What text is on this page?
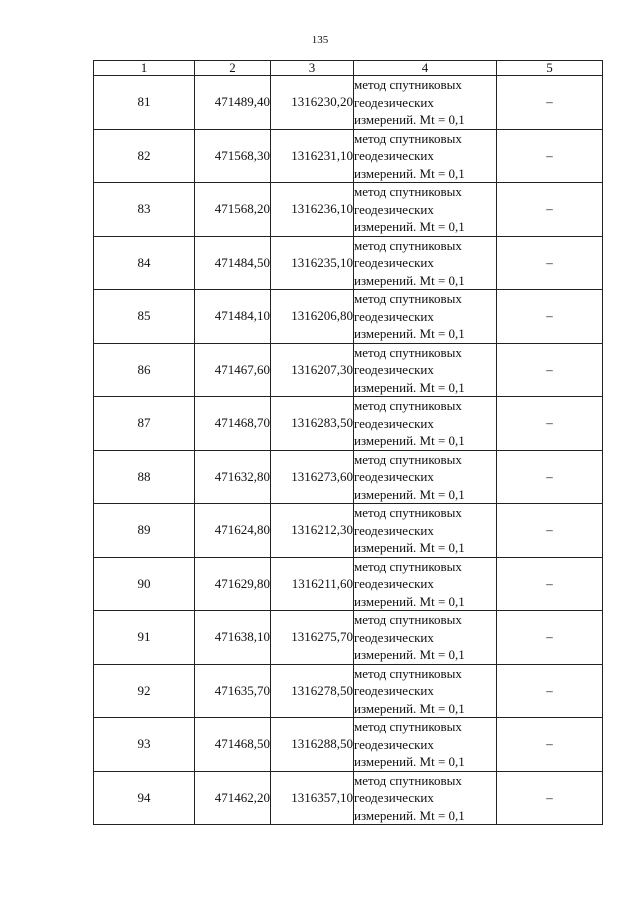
135
1	2	3	4	5
81	471489,40	1316230,20	метод спутниковых
геодезических
измерений. Mt = 0,1	–
82	471568,30	1316231,10	метод спутниковых
геодезических
измерений. Mt = 0,1	–
83	471568,20	1316236,10	метод спутниковых
геодезических
измерений. Mt = 0,1	–
84	471484,50	1316235,10	метод спутниковых
геодезических
измерений. Mt = 0,1	–
85	471484,10	1316206,80	метод спутниковых
геодезических
измерений. Mt = 0,1	–
86	471467,60	1316207,30	метод спутниковых
геодезических
измерений. Mt = 0,1	–
87	471468,70	1316283,50	метод спутниковых
геодезических
измерений. Mt = 0,1	–
88	471632,80	1316273,60	метод спутниковых
геодезических
измерений. Mt = 0,1	–
89	471624,80	1316212,30	метод спутниковых
геодезических
измерений. Mt = 0,1	–
90	471629,80	1316211,60	метод спутниковых
геодезических
измерений. Mt = 0,1	–
91	471638,10	1316275,70	метод спутниковых
геодезических
измерений. Mt = 0,1	–
92	471635,70	1316278,50	метод спутниковых
геодезических
измерений. Mt = 0,1	–
93	471468,50	1316288,50	метод спутниковых
геодезических
измерений. Mt = 0,1	–
94	471462,20	1316357,10	метод спутниковых
геодезических
измерений. Mt = 0,1	–
